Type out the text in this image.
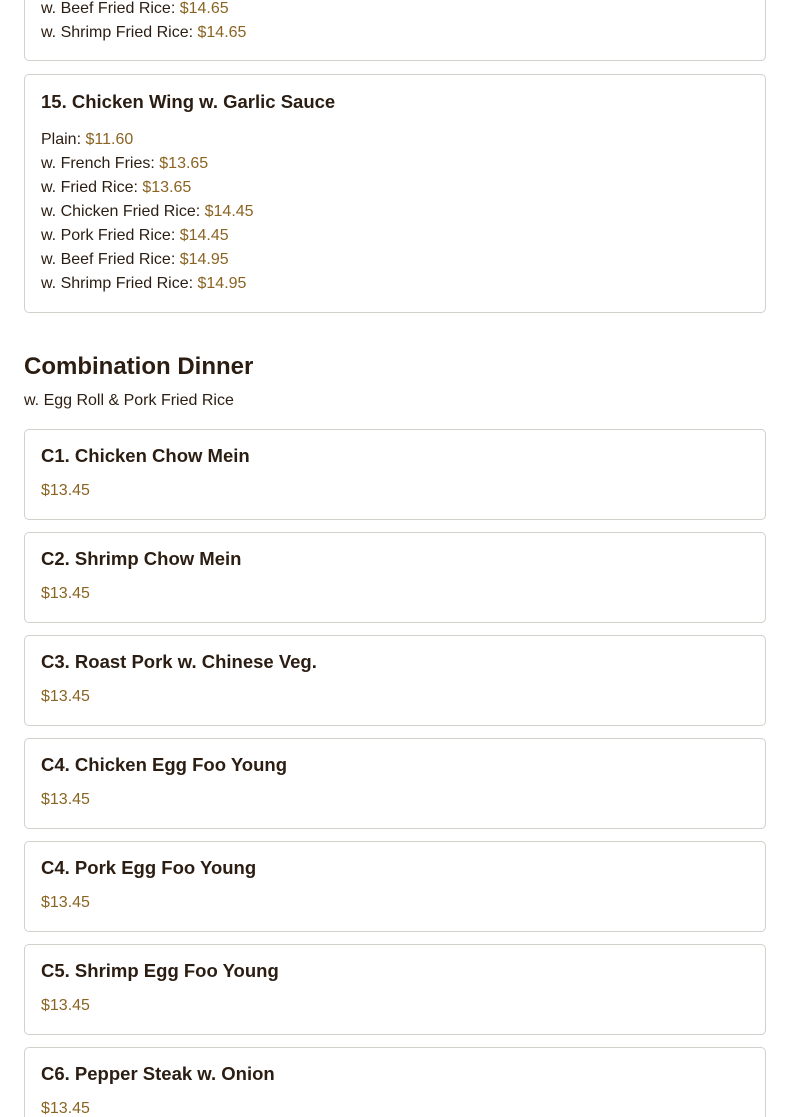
w. Beef Fried Rice: $14.65
w. Shrimp Fried Rice: $14.65
15. Chicken Wing w. Garlic Sauce
Plain: $11.60
w. French Fries: $13.65
w. Fried Rice: $13.65
w. Chicken Fried Rice: $14.45
w. Pork Fried Rice: $14.45
w. Beef Fried Rice: $14.95
w. Shrimp Fried Rice: $14.95
Combination Dinner
w. Egg Roll & Pork Fried Rice
C1. Chicken Chow Mein
$13.45
C2. Shrimp Chow Mein
$13.45
C3. Roast Pork w. Chinese Veg.
$13.45
C4. Chicken Egg Foo Young
$13.45
C4. Pork Egg Foo Young
$13.45
C5. Shrimp Egg Foo Young
$13.45
C6. Pepper Steak w. Onion
$13.45
